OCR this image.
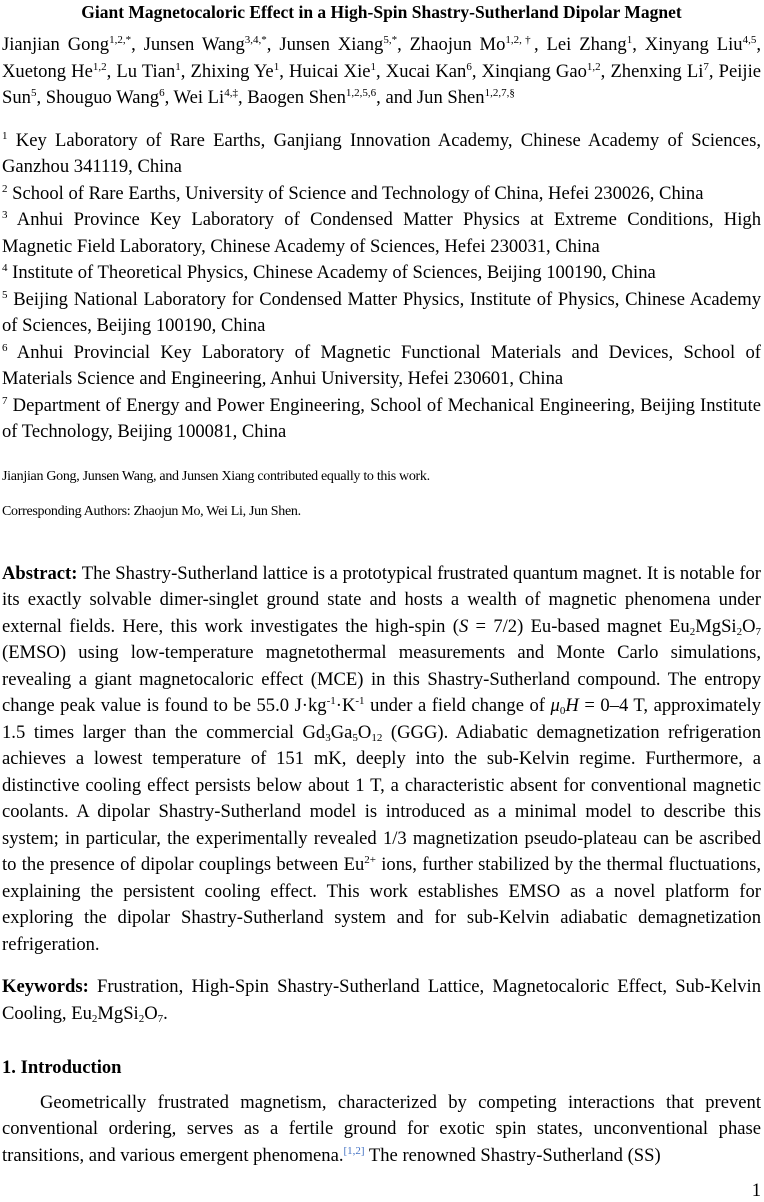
Giant Magnetocaloric Effect in a High-Spin Shastry-Sutherland Dipolar Magnet

Jianjian Gong$^{1,2,*}$, Junsen Wang$^{3,4,*}$, Junsen Xiang$^{5,*}$, Zhaojun $Mo^{1,2,\dagger}$, Lei Zhang$^1$, Xinyang Liu$^{4,5}$, Xuetong He$^{1,2}$, Lu Tian$^1$, Zhixing Ye$^1$, Huicai Xie$^1$, Xucai Kan$^6$, Xinqiang Gao$^{1,2}$, Zhenxing Li$^7$, Peijie Sun$^5$, Shouguo Wang$^6$, Wei $Li^{4,\ddagger}$, Baogen Shen$^{1,2,5,6}$, and Jun Shen$^{1,2,7,\S}$

$^1$ Key Laboratory of Rare Earths, Ganjiang Innovation Academy, Chinese Academy of Sciences, Ganzhou 341119, China

$^2$ School of Rare Earths, University of Science and Technology of China, Hefei 230026, China

$^3$ Anhui Province Key Laboratory of Condensed Matter Physics at Extreme Conditions, High Magnetic Field Laboratory, Chinese Academy of Sciences, Hefei 230031, China

$^4$ Institute of Theoretical Physics, Chinese Academy of Sciences, Beijing 100190, China

$^5$ Beijing National Laboratory for Condensed Matter Physics, Institute of Physics, Chinese Academy of Sciences, Beijing 100190, China

$^6$ Anhui Provincial Key Laboratory of Magnetic Functional Materials and Devices, School of Materials Science and Engineering, Anhui University, Hefei 230601, China

$^7$ Department of Energy and Power Engineering, School of Mechanical Engineering, Beijing Institute of Technology, Beijing 100081, China

Jianjian Gong, Junsen Wang, and Junsen Xiang contributed equally to this work.

Corresponding Authors: Zhaojun Mo, Wei Li, Jun Shen.

Abstract: The Shastry-Sutherland lattice is a prototypical frustrated quantum magnet. It is notable for its exactly solvable dimer-singlet ground state and hosts a wealth of magnetic phenomena under external fields. Here, this work investigates the high-spin (S = 7/2) Eu-based magnet $Eu_2MgSi_2O_7$ (EMSO) using low-temperature magnetothermal measurements and Monte Carlo simulations, revealing a giant magnetocaloric effect (MCE) in this Shastry-Sutherland compound. The entropy change peak value is found to be 55.0 $J\cdot kg^{-1}\cdot K^{-1}$ under a field change of $\mu_0H = 0-4$ T, approximately 1.5 times larger than the commercial $Gd_3Ga_5O_{12}$ (GGG). Adiabatic demagnetization refrigeration achieves a lowest temperature of 151 mK, deeply into the sub-Kelvin regime. Furthermore, a distinctive cooling effect persists below about 1 T, a characteristic absent for conventional magnetic coolants. A dipolar Shastry-Sutherland model is introduced as a minimal model to describe this system; in particular, the experimentally revealed 1/3 magnetization pseudo-plateau can be ascribed to the presence of dipolar couplings between $Eu^{2+}$ ions, further stabilized by the thermal fluctuations, explaining the persistent cooling effect. This work establishes EMSO as a novel platform for exploring the dipolar Shastry-Sutherland system and for sub-Kelvin adiabatic demagnetization refrigeration.

Keywords: Frustration, High-Spin Shastry-Sutherland Lattice, Magnetocaloric Effect, Sub-Kelvin Cooling, $Eu_2MgSi_2O_7$.

1. Introduction

Geometrically frustrated magnetism, characterized by competing interactions that prevent conventional ordering, serves as a fertile ground for exotic spin states, unconventional phase transitions, and various emergent phenomena.[1,2] The renowned Shastry-Sutherland (SS)

1
